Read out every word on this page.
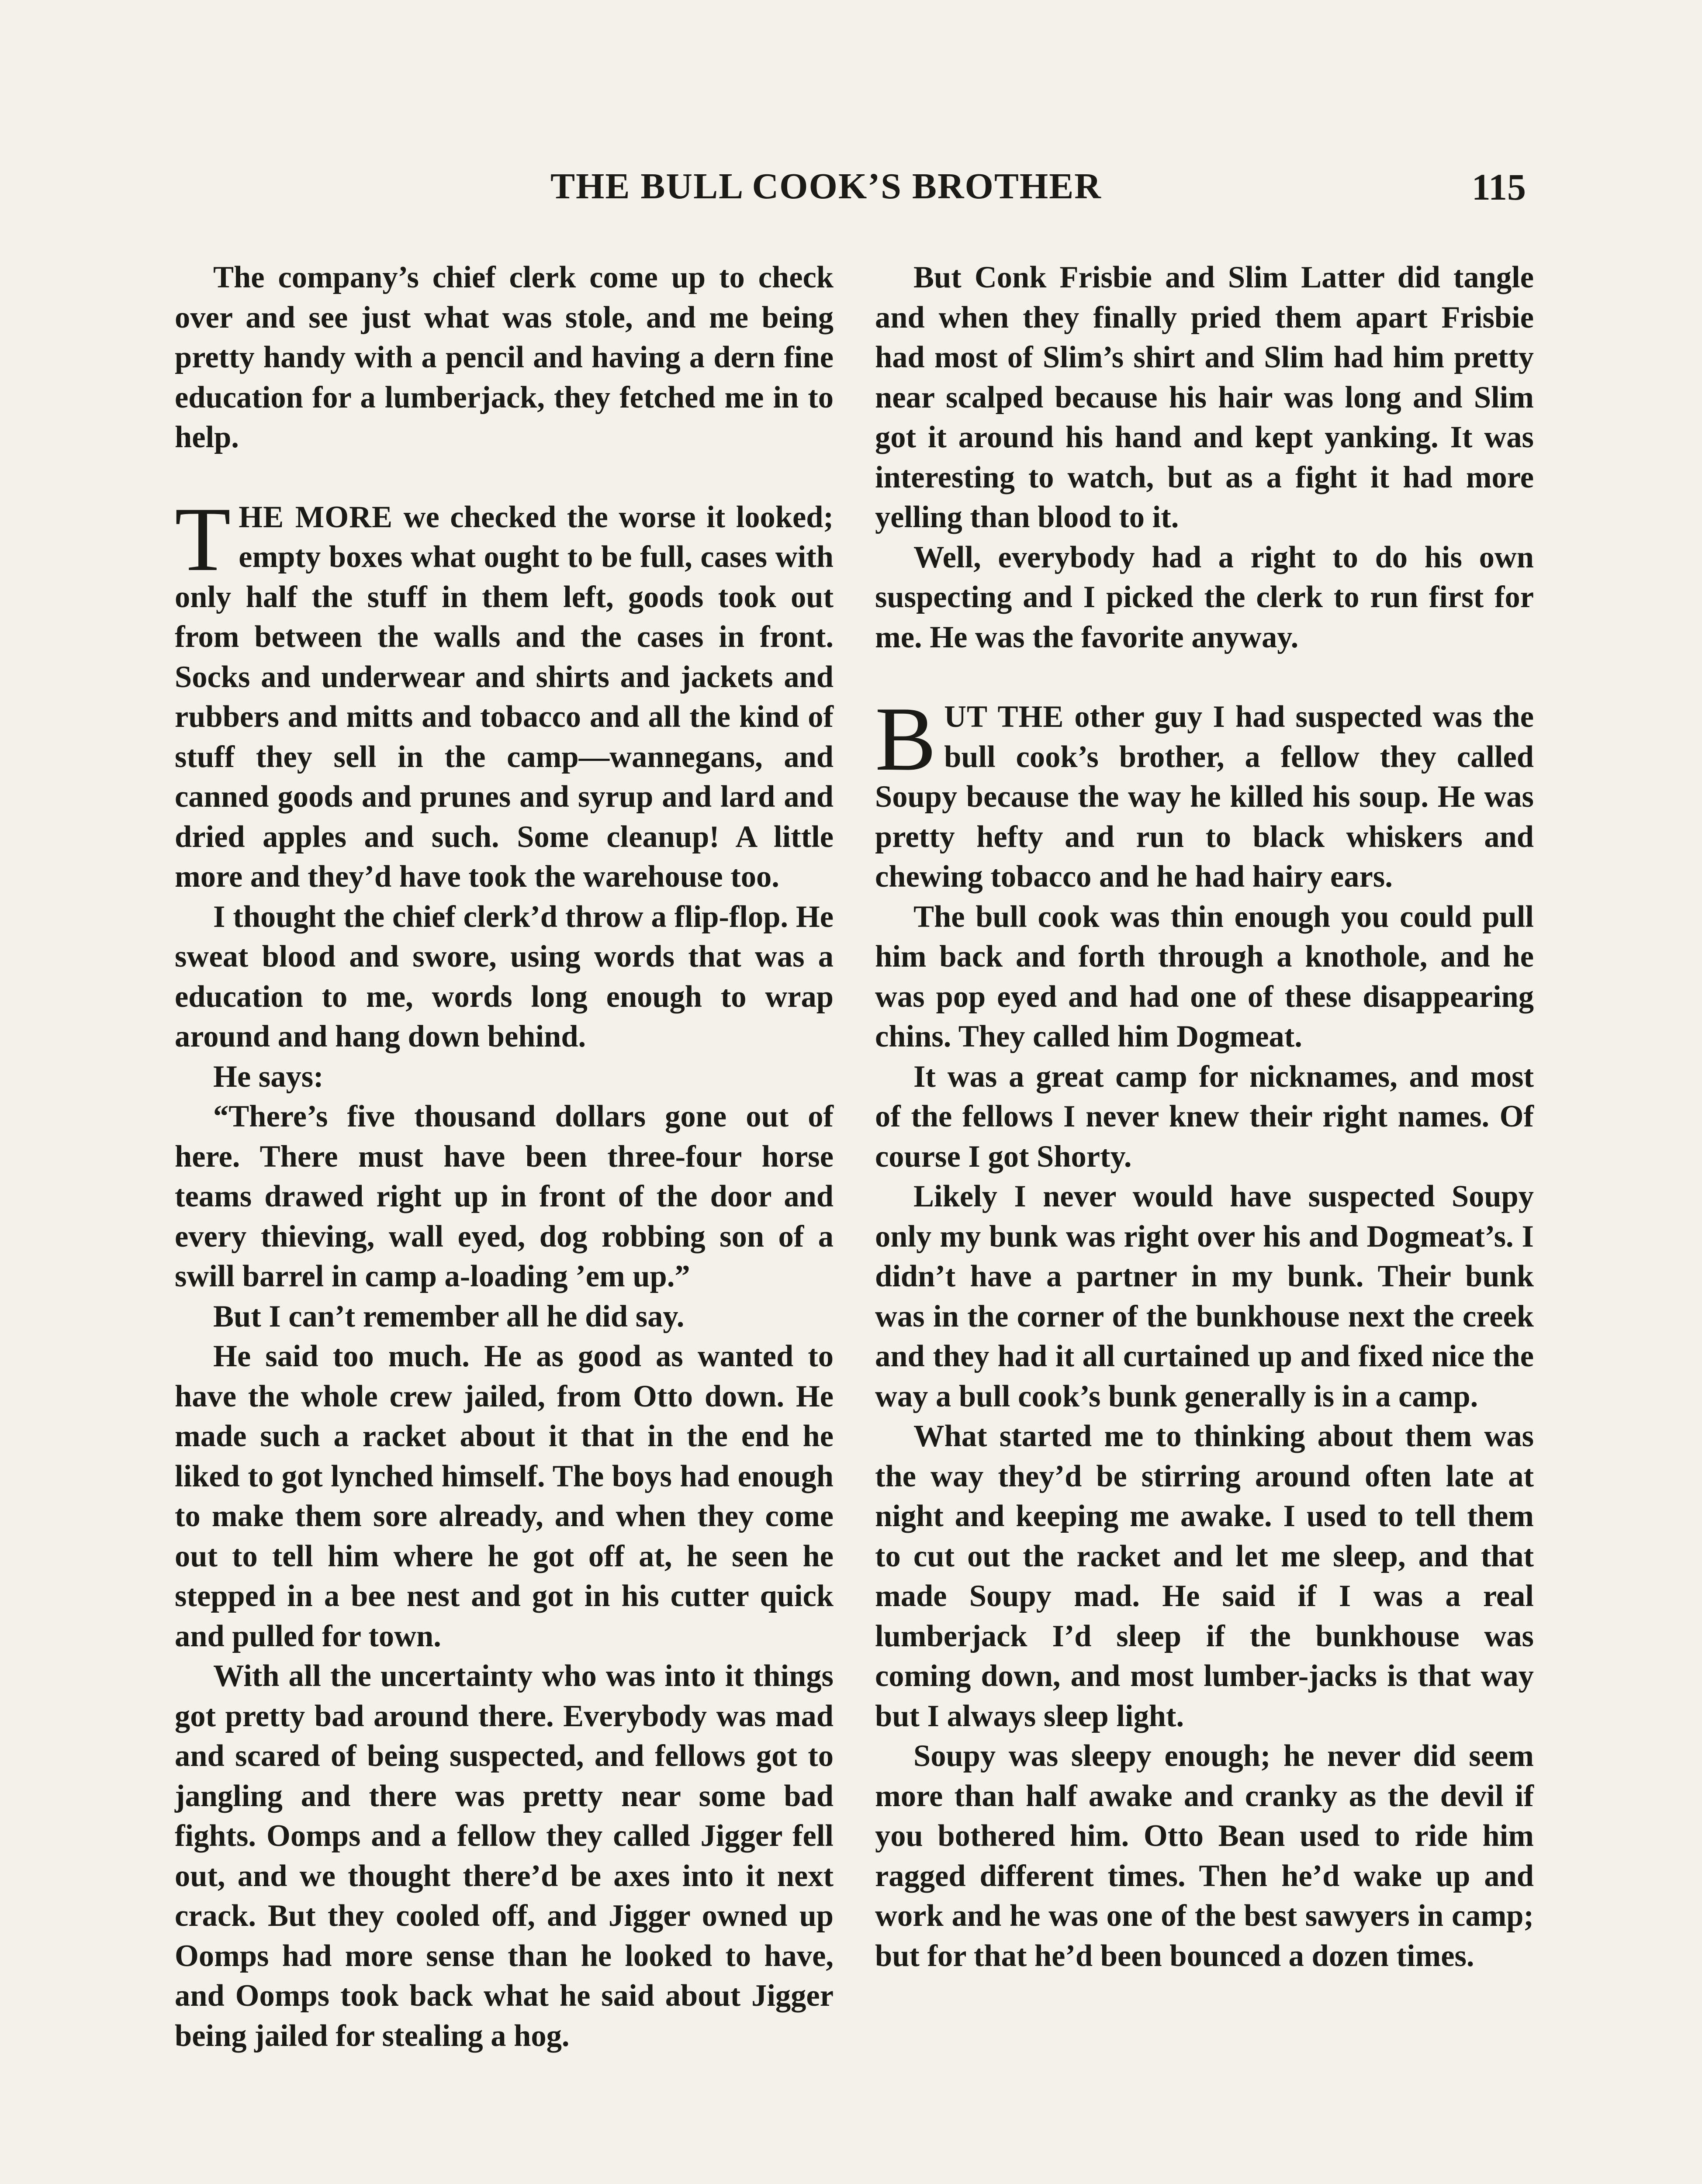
THE BULL COOK’S BROTHER	115

The company’s chief clerk come up to check over and see just what was stole, and me being pretty handy with a pencil and having a dern fine education for a lumberjack, they fetched me in to help.

THE MORE we checked the worse it looked; empty boxes what ought to be full, cases with only half the stuff in them left, goods took out from between the walls and the cases in front. Socks and underwear and shirts and jackets and rubbers and mitts and tobacco and all the kind of stuff they sell in the camp—wannegans, and canned goods and prunes and syrup and lard and dried apples and such. Some cleanup! A little more and they’d have took the warehouse too.

I thought the chief clerk’d throw a flip-flop. He sweat blood and swore, using words that was a education to me, words long enough to wrap around and hang down behind.

He says:

“There’s five thousand dollars gone out of here. There must have been three-four horse teams drawed right up in front of the door and every thieving, wall eyed, dog robbing son of a swill barrel in camp a-loading ’em up.”

But I can’t remember all he did say.

He said too much. He as good as wanted to have the whole crew jailed, from Otto down. He made such a racket about it that in the end he liked to got lynched himself. The boys had enough to make them sore already, and when they come out to tell him where he got off at, he seen he stepped in a bee nest and got in his cutter quick and pulled for town.

With all the uncertainty who was into it things got pretty bad around there. Everybody was mad and scared of being suspected, and fellows got to jangling and there was pretty near some bad fights. Oomps and a fellow they called Jigger fell out, and we thought there’d be axes into it next crack. But they cooled off, and Jigger owned up Oomps had more sense than he looked to have, and Oomps took back what he said about Jigger being jailed for stealing a hog.

But Conk Frisbie and Slim Latter did tangle and when they finally pried them apart Frisbie had most of Slim’s shirt and Slim had him pretty near scalped because his hair was long and Slim got it around his hand and kept yanking. It was interesting to watch, but as a fight it had more yelling than blood to it.

Well, everybody had a right to do his own suspecting and I picked the clerk to run first for me. He was the favorite anyway.

BUT THE other guy I had suspected was the bull cook’s brother, a fellow they called Soupy because the way he killed his soup. He was pretty hefty and run to black whiskers and chewing tobacco and he had hairy ears.

The bull cook was thin enough you could pull him back and forth through a knothole, and he was pop eyed and had one of these disappearing chins. They called him Dogmeat.

It was a great camp for nicknames, and most of the fellows I never knew their right names. Of course I got Shorty.

Likely I never would have suspected Soupy only my bunk was right over his and Dogmeat’s. I didn’t have a partner in my bunk. Their bunk was in the corner of the bunkhouse next the creek and they had it all curtained up and fixed nice the way a bull cook’s bunk generally is in a camp.

What started me to thinking about them was the way they’d be stirring around often late at night and keeping me awake. I used to tell them to cut out the racket and let me sleep, and that made Soupy mad. He said if I was a real lumberjack I’d sleep if the bunkhouse was coming down, and most lumber-jacks is that way but I always sleep light.

Soupy was sleepy enough; he never did seem more than half awake and cranky as the devil if you bothered him. Otto Bean used to ride him ragged different times. Then he’d wake up and work and he was one of the best sawyers in camp; but for that he’d been bounced a dozen times.
